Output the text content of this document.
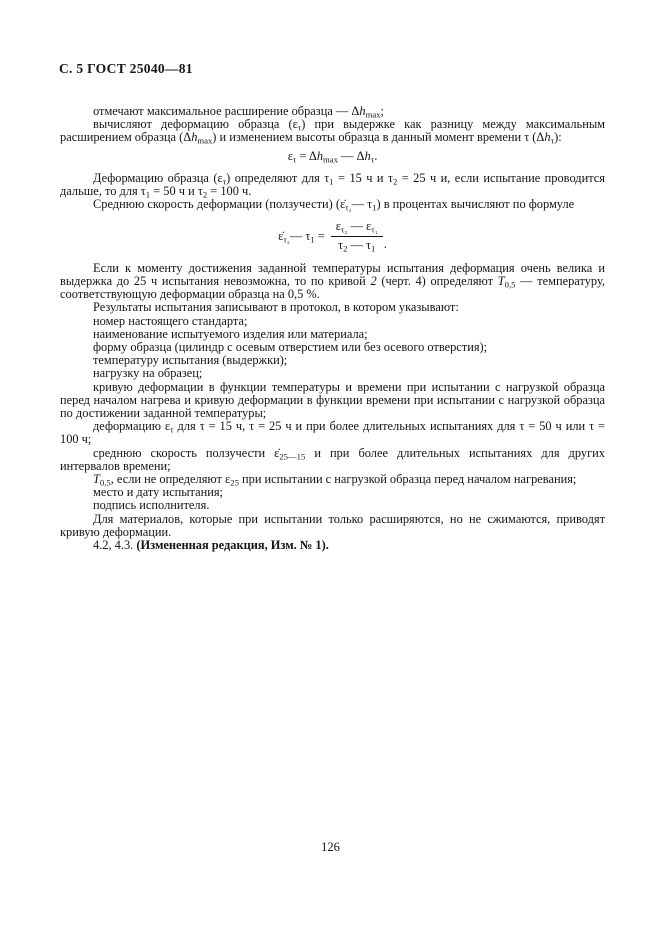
С. 5 ГОСТ 25040—81

отмечают максимальное расширение образца — Δhmax;

вычисляют деформацию образца (ετ) при выдержке как разницу между максимальным расширением образца (Δhmax) и изменением высоты образца в данный момент времени τ (Δhτ):

ετ = Δhmax — Δhτ.

Деформацию образца (ετ) определяют для τ1 = 15 ч и τ2 = 25 ч и, если испытание проводится дальше, то для τ1 = 50 ч и τ2 = 100 ч.

Среднюю скорость деформации (ползучести) (ε̇τ₂— τ1) в процентах вычисляют по формуле

ε̇τ₂— $\tau 1 = \frac{\text{ετ₂ — ετ₁}}{\tau 2 — \tau 1}$ .

Если к моменту достижения заданной температуры испытания деформация очень велика и выдержка до 25 ч испытания невозможна, то по кривой 2 (черт. 4) определяют T0,5 — температуру, соответствующую деформации образца на 0,5 %.

Результаты испытания записывают в протокол, в котором указывают:

номер настоящего стандарта;

наименование испытуемого изделия или материала;

форму образца (цилиндр с осевым отверстием или без осевого отверстия);

температуру испытания (выдержки);

нагрузку на образец;

кривую деформации в функции температуры и времени при испытании с нагрузкой образца перед началом нагрева и кривую деформации в функции времени при испытании с нагрузкой образца по достижении заданной температуры;

деформацию ετ для τ = 15 ч, τ = 25 ч и при более длительных испытаниях для τ = 50 ч или τ = 100 ч;

среднюю скорость ползучести ε̇25—15 и при более длительных испытаниях для других интервалов времени;

T0,5, если не определяют ε25 при испытании с нагрузкой образца перед началом нагревания;

место и дату испытания;

подпись исполнителя.

Для материалов, которые при испытании только расширяются, но не сжимаются, приводят кривую деформации.

4.2, 4.3. (Измененная редакция, Изм. № 1).

126
